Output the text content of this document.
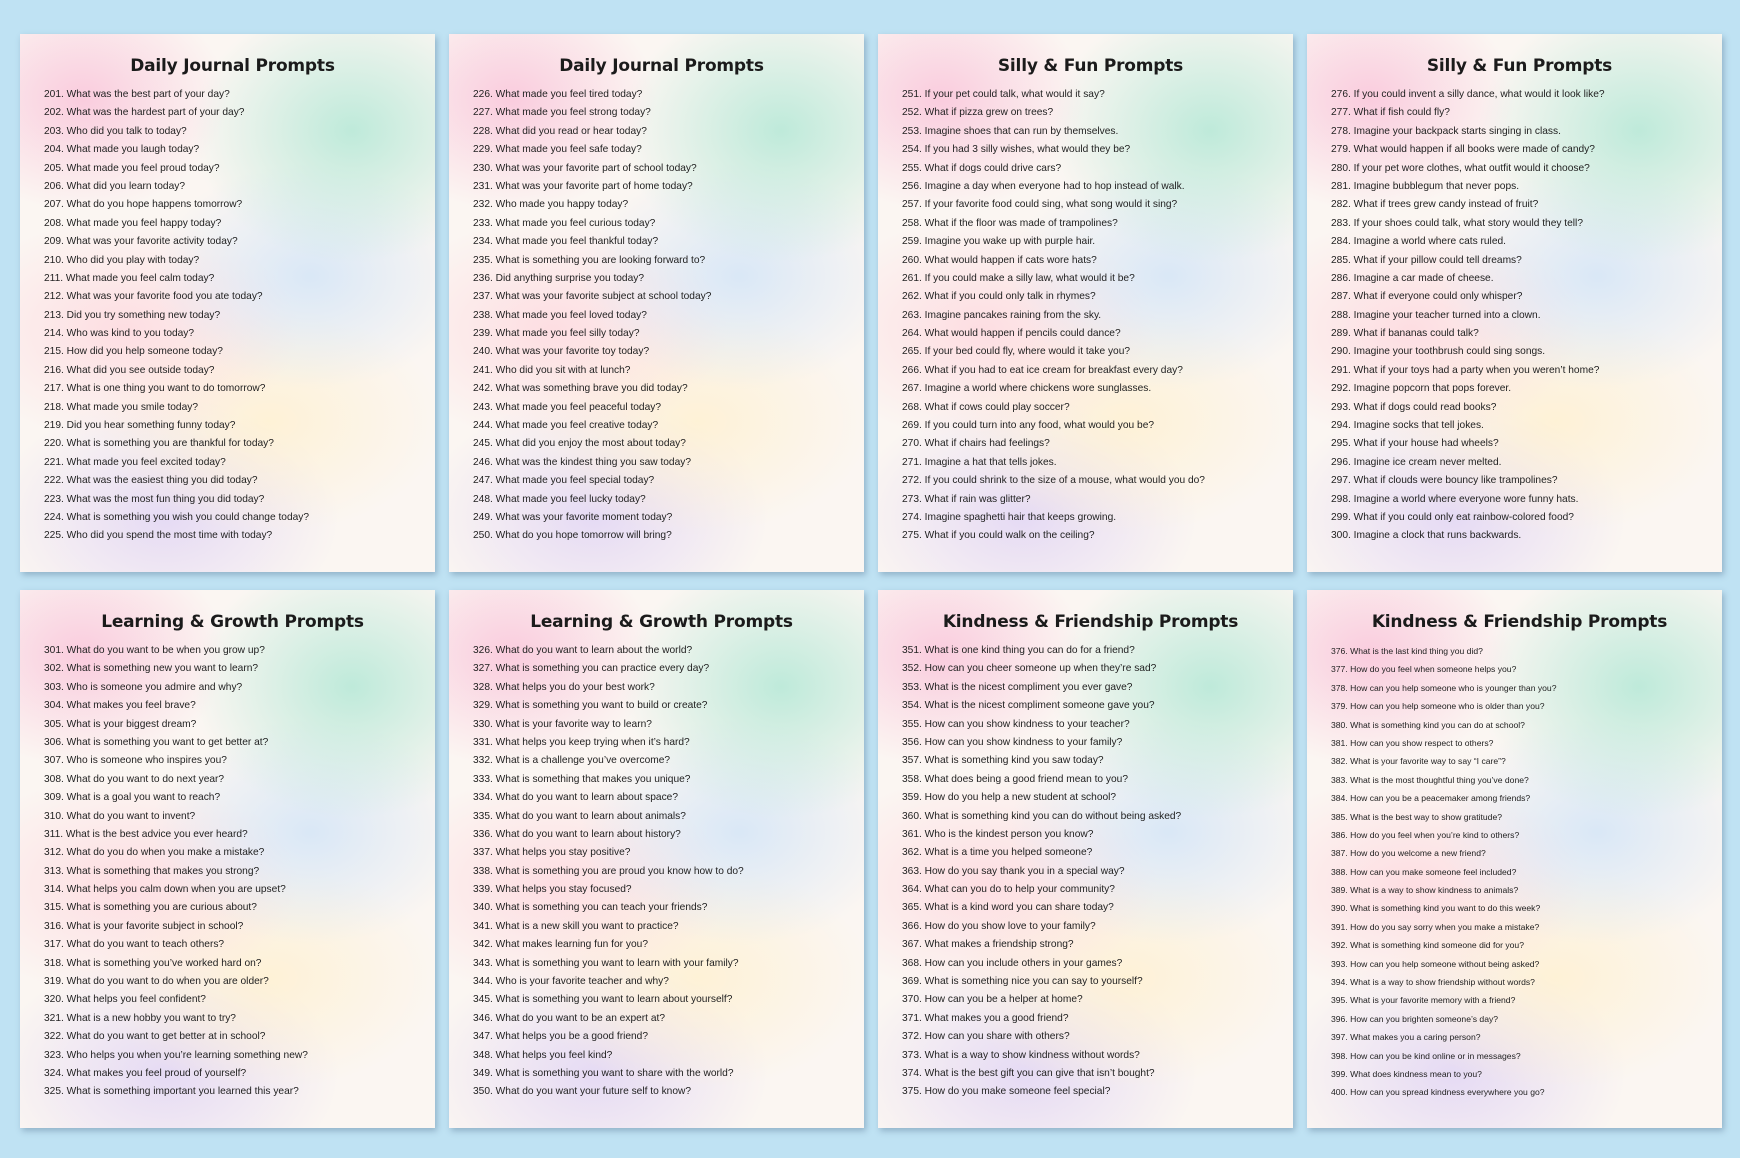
Daily Journal Prompts
201. What was the best part of your day?
202. What was the hardest part of your day?
203. Who did you talk to today?
204. What made you laugh today?
205. What made you feel proud today?
206. What did you learn today?
207. What do you hope happens tomorrow?
208. What made you feel happy today?
209. What was your favorite activity today?
210. Who did you play with today?
211. What made you feel calm today?
212. What was your favorite food you ate today?
213. Did you try something new today?
214. Who was kind to you today?
215. How did you help someone today?
216. What did you see outside today?
217. What is one thing you want to do tomorrow?
218. What made you smile today?
219. Did you hear something funny today?
220. What is something you are thankful for today?
221. What made you feel excited today?
222. What was the easiest thing you did today?
223. What was the most fun thing you did today?
224. What is something you wish you could change today?
225. Who did you spend the most time with today?
Daily Journal Prompts
226. What made you feel tired today?
227. What made you feel strong today?
228. What did you read or hear today?
229. What made you feel safe today?
230. What was your favorite part of school today?
231. What was your favorite part of home today?
232. Who made you happy today?
233. What made you feel curious today?
234. What made you feel thankful today?
235. What is something you are looking forward to?
236. Did anything surprise you today?
237. What was your favorite subject at school today?
238. What made you feel loved today?
239. What made you feel silly today?
240. What was your favorite toy today?
241. Who did you sit with at lunch?
242. What was something brave you did today?
243. What made you feel peaceful today?
244. What made you feel creative today?
245. What did you enjoy the most about today?
246. What was the kindest thing you saw today?
247. What made you feel special today?
248. What made you feel lucky today?
249. What was your favorite moment today?
250. What do you hope tomorrow will bring?
Silly & Fun Prompts
251. If your pet could talk, what would it say?
252. What if pizza grew on trees?
253. Imagine shoes that can run by themselves.
254. If you had 3 silly wishes, what would they be?
255. What if dogs could drive cars?
256. Imagine a day when everyone had to hop instead of walk.
257. If your favorite food could sing, what song would it sing?
258. What if the floor was made of trampolines?
259. Imagine you wake up with purple hair.
260. What would happen if cats wore hats?
261. If you could make a silly law, what would it be?
262. What if you could only talk in rhymes?
263. Imagine pancakes raining from the sky.
264. What would happen if pencils could dance?
265. If your bed could fly, where would it take you?
266. What if you had to eat ice cream for breakfast every day?
267. Imagine a world where chickens wore sunglasses.
268. What if cows could play soccer?
269. If you could turn into any food, what would you be?
270. What if chairs had feelings?
271. Imagine a hat that tells jokes.
272. If you could shrink to the size of a mouse, what would you do?
273. What if rain was glitter?
274. Imagine spaghetti hair that keeps growing.
275. What if you could walk on the ceiling?
Silly & Fun Prompts
276. If you could invent a silly dance, what would it look like?
277. What if fish could fly?
278. Imagine your backpack starts singing in class.
279. What would happen if all books were made of candy?
280. If your pet wore clothes, what outfit would it choose?
281. Imagine bubblegum that never pops.
282. What if trees grew candy instead of fruit?
283. If your shoes could talk, what story would they tell?
284. Imagine a world where cats ruled.
285. What if your pillow could tell dreams?
286. Imagine a car made of cheese.
287. What if everyone could only whisper?
288. Imagine your teacher turned into a clown.
289. What if bananas could talk?
290. Imagine your toothbrush could sing songs.
291. What if your toys had a party when you weren’t home?
292. Imagine popcorn that pops forever.
293. What if dogs could read books?
294. Imagine socks that tell jokes.
295. What if your house had wheels?
296. Imagine ice cream never melted.
297. What if clouds were bouncy like trampolines?
298. Imagine a world where everyone wore funny hats.
299. What if you could only eat rainbow-colored food?
300. Imagine a clock that runs backwards.
Learning & Growth Prompts
301. What do you want to be when you grow up?
302. What is something new you want to learn?
303. Who is someone you admire and why?
304. What makes you feel brave?
305. What is your biggest dream?
306. What is something you want to get better at?
307. Who is someone who inspires you?
308. What do you want to do next year?
309. What is a goal you want to reach?
310. What do you want to invent?
311. What is the best advice you ever heard?
312. What do you do when you make a mistake?
313. What is something that makes you strong?
314. What helps you calm down when you are upset?
315. What is something you are curious about?
316. What is your favorite subject in school?
317. What do you want to teach others?
318. What is something you’ve worked hard on?
319. What do you want to do when you are older?
320. What helps you feel confident?
321. What is a new hobby you want to try?
322. What do you want to get better at in school?
323. Who helps you when you’re learning something new?
324. What makes you feel proud of yourself?
325. What is something important you learned this year?
Learning & Growth Prompts
326. What do you want to learn about the world?
327. What is something you can practice every day?
328. What helps you do your best work?
329. What is something you want to build or create?
330. What is your favorite way to learn?
331. What helps you keep trying when it’s hard?
332. What is a challenge you’ve overcome?
333. What is something that makes you unique?
334. What do you want to learn about space?
335. What do you want to learn about animals?
336. What do you want to learn about history?
337. What helps you stay positive?
338. What is something you are proud you know how to do?
339. What helps you stay focused?
340. What is something you can teach your friends?
341. What is a new skill you want to practice?
342. What makes learning fun for you?
343. What is something you want to learn with your family?
344. Who is your favorite teacher and why?
345. What is something you want to learn about yourself?
346. What do you want to be an expert at?
347. What helps you be a good friend?
348. What helps you feel kind?
349. What is something you want to share with the world?
350. What do you want your future self to know?
Kindness & Friendship Prompts
351. What is one kind thing you can do for a friend?
352. How can you cheer someone up when they’re sad?
353. What is the nicest compliment you ever gave?
354. What is the nicest compliment someone gave you?
355. How can you show kindness to your teacher?
356. How can you show kindness to your family?
357. What is something kind you saw today?
358. What does being a good friend mean to you?
359. How do you help a new student at school?
360. What is something kind you can do without being asked?
361. Who is the kindest person you know?
362. What is a time you helped someone?
363. How do you say thank you in a special way?
364. What can you do to help your community?
365. What is a kind word you can share today?
366. How do you show love to your family?
367. What makes a friendship strong?
368. How can you include others in your games?
369. What is something nice you can say to yourself?
370. How can you be a helper at home?
371. What makes you a good friend?
372. How can you share with others?
373. What is a way to show kindness without words?
374. What is the best gift you can give that isn’t bought?
375. How do you make someone feel special?
Kindness & Friendship Prompts
376. What is the last kind thing you did?
377. How do you feel when someone helps you?
378. How can you help someone who is younger than you?
379. How can you help someone who is older than you?
380. What is something kind you can do at school?
381. How can you show respect to others?
382. What is your favorite way to say “I care”?
383. What is the most thoughtful thing you’ve done?
384. How can you be a peacemaker among friends?
385. What is the best way to show gratitude?
386. How do you feel when you’re kind to others?
387. How do you welcome a new friend?
388. How can you make someone feel included?
389. What is a way to show kindness to animals?
390. What is something kind you want to do this week?
391. How do you say sorry when you make a mistake?
392. What is something kind someone did for you?
393. How can you help someone without being asked?
394. What is a way to show friendship without words?
395. What is your favorite memory with a friend?
396. How can you brighten someone’s day?
397. What makes you a caring person?
398. How can you be kind online or in messages?
399. What does kindness mean to you?
400. How can you spread kindness everywhere you go?
